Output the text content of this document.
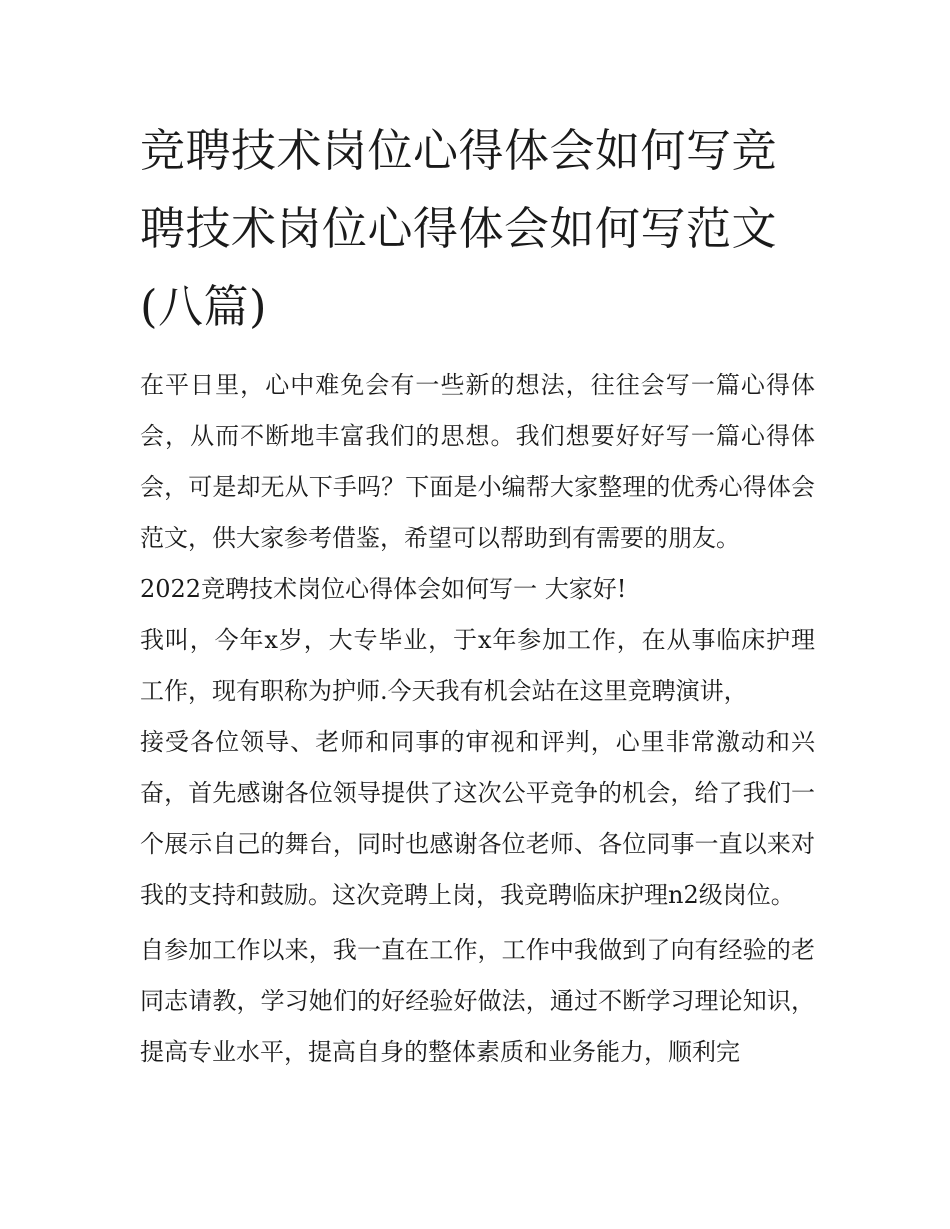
竞聘技术岗位心得体会如何写竞聘技术岗位心得体会如何写范文(八篇)

在平日里，心中难免会有一些新的想法，往往会写一篇心得体会，从而不断地丰富我们的思想。我们想要好好写一篇心得体会，可是却无从下手吗？下面是小编帮大家整理的优秀心得体会范文，供大家参考借鉴，希望可以帮助到有需要的朋友。

2022竞聘技术岗位心得体会如何写一 大家好!

我叫，今年x岁，大专毕业，于x年参加工作，在从事临床护理工作，现有职称为护师.今天我有机会站在这里竞聘演讲，

接受各位领导、老师和同事的审视和评判，心里非常激动和兴奋，首先感谢各位领导提供了这次公平竞争的机会，给了我们一个展示自己的舞台，同时也感谢各位老师、各位同事一直以来对我的支持和鼓励。这次竞聘上岗，我竞聘临床护理n2级岗位。

自参加工作以来，我一直在工作，工作中我做到了向有经验的老同志请教，学习她们的好经验好做法，通过不断学习理论知识，提高专业水平，提高自身的整体素质和业务能力，顺利完
